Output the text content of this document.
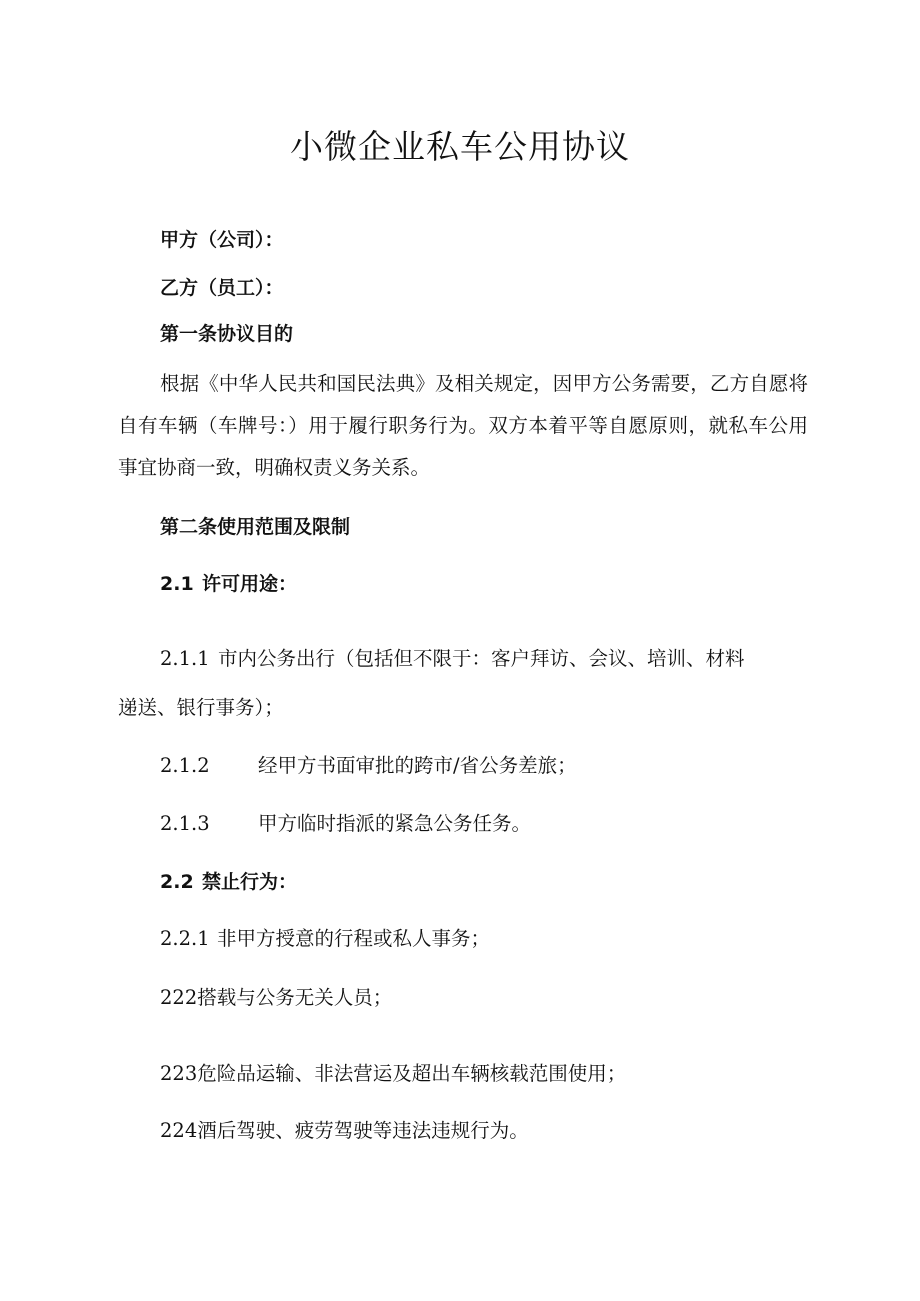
小微企业私车公用协议

甲方（公司）：

乙方（员工）：

第一条协议目的

根据《中华人民共和国民法典》及相关规定，因甲方公务需要，乙方自愿将自有车辆（车牌号：）用于履行职务行为。双方本着平等自愿原则，就私车公用事宜协商一致，明确权责义务关系。

第二条使用范围及限制

2.1 许可用途：

2.1.1 市内公务出行（包括但不限于：客户拜访、会议、培训、材料

递送、银行事务）；

2.1.2 经甲方书面审批的跨市/省公务差旅；

2.1.3 甲方临时指派的紧急公务任务。

2.2 禁止行为：

2.2.1 非甲方授意的行程或私人事务；

222搭载与公务无关人员；

223危险品运输、非法营运及超出车辆核载范围使用；

224酒后驾驶、疲劳驾驶等违法违规行为。
